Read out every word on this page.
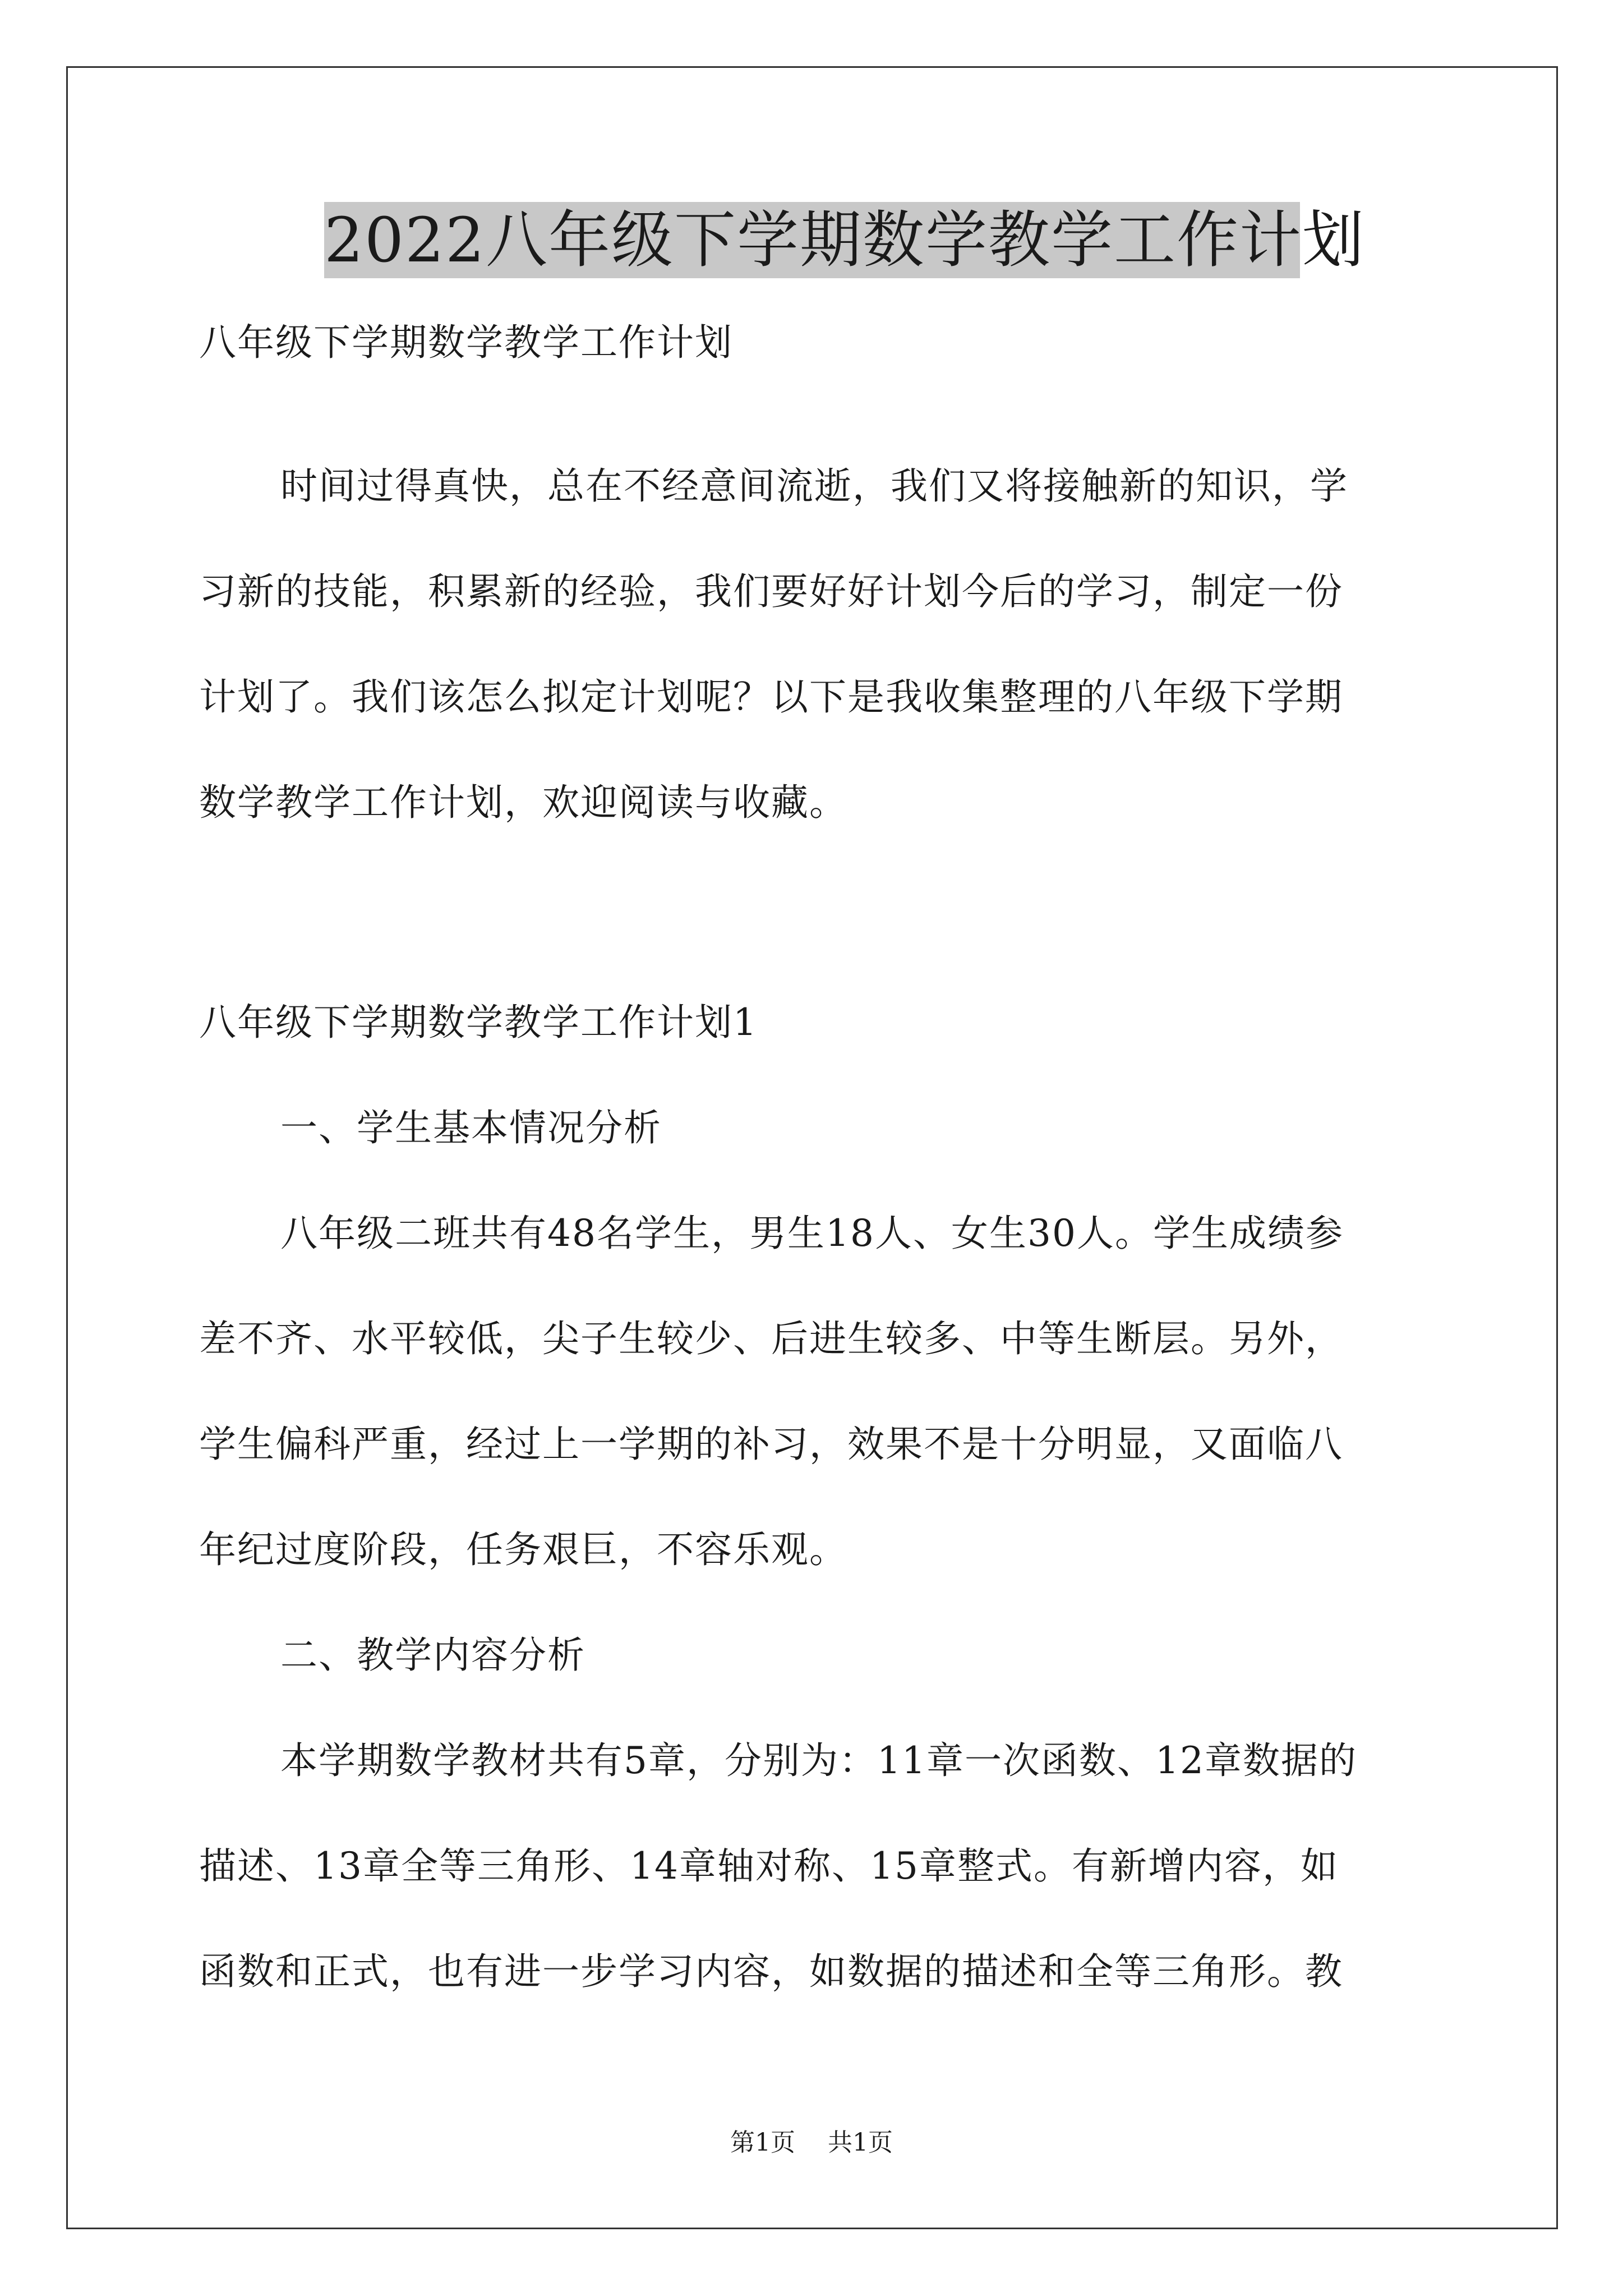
2022八年级下学期数学教学工作计划

八年级下学期数学教学工作计划

时间过得真快，总在不经意间流逝，我们又将接触新的知识，学

习新的技能，积累新的经验，我们要好好计划今后的学习，制定一份

计划了。我们该怎么拟定计划呢？以下是我收集整理的八年级下学期

数学教学工作计划，欢迎阅读与收藏。

八年级下学期数学教学工作计划1

一、学生基本情况分析

八年级二班共有48名学生，男生18人、女生30人。学生成绩参

差不齐、水平较低，尖子生较少、后进生较多、中等生断层。另外，

学生偏科严重，经过上一学期的补习，效果不是十分明显，又面临八

年纪过度阶段，任务艰巨，不容乐观。

二、教学内容分析

本学期数学教材共有5章，分别为：11章一次函数、12章数据的

描述、13章全等三角形、14章轴对称、15章整式。有新增内容，如

函数和正式，也有进一步学习内容，如数据的描述和全等三角形。教

第1页 共1页
